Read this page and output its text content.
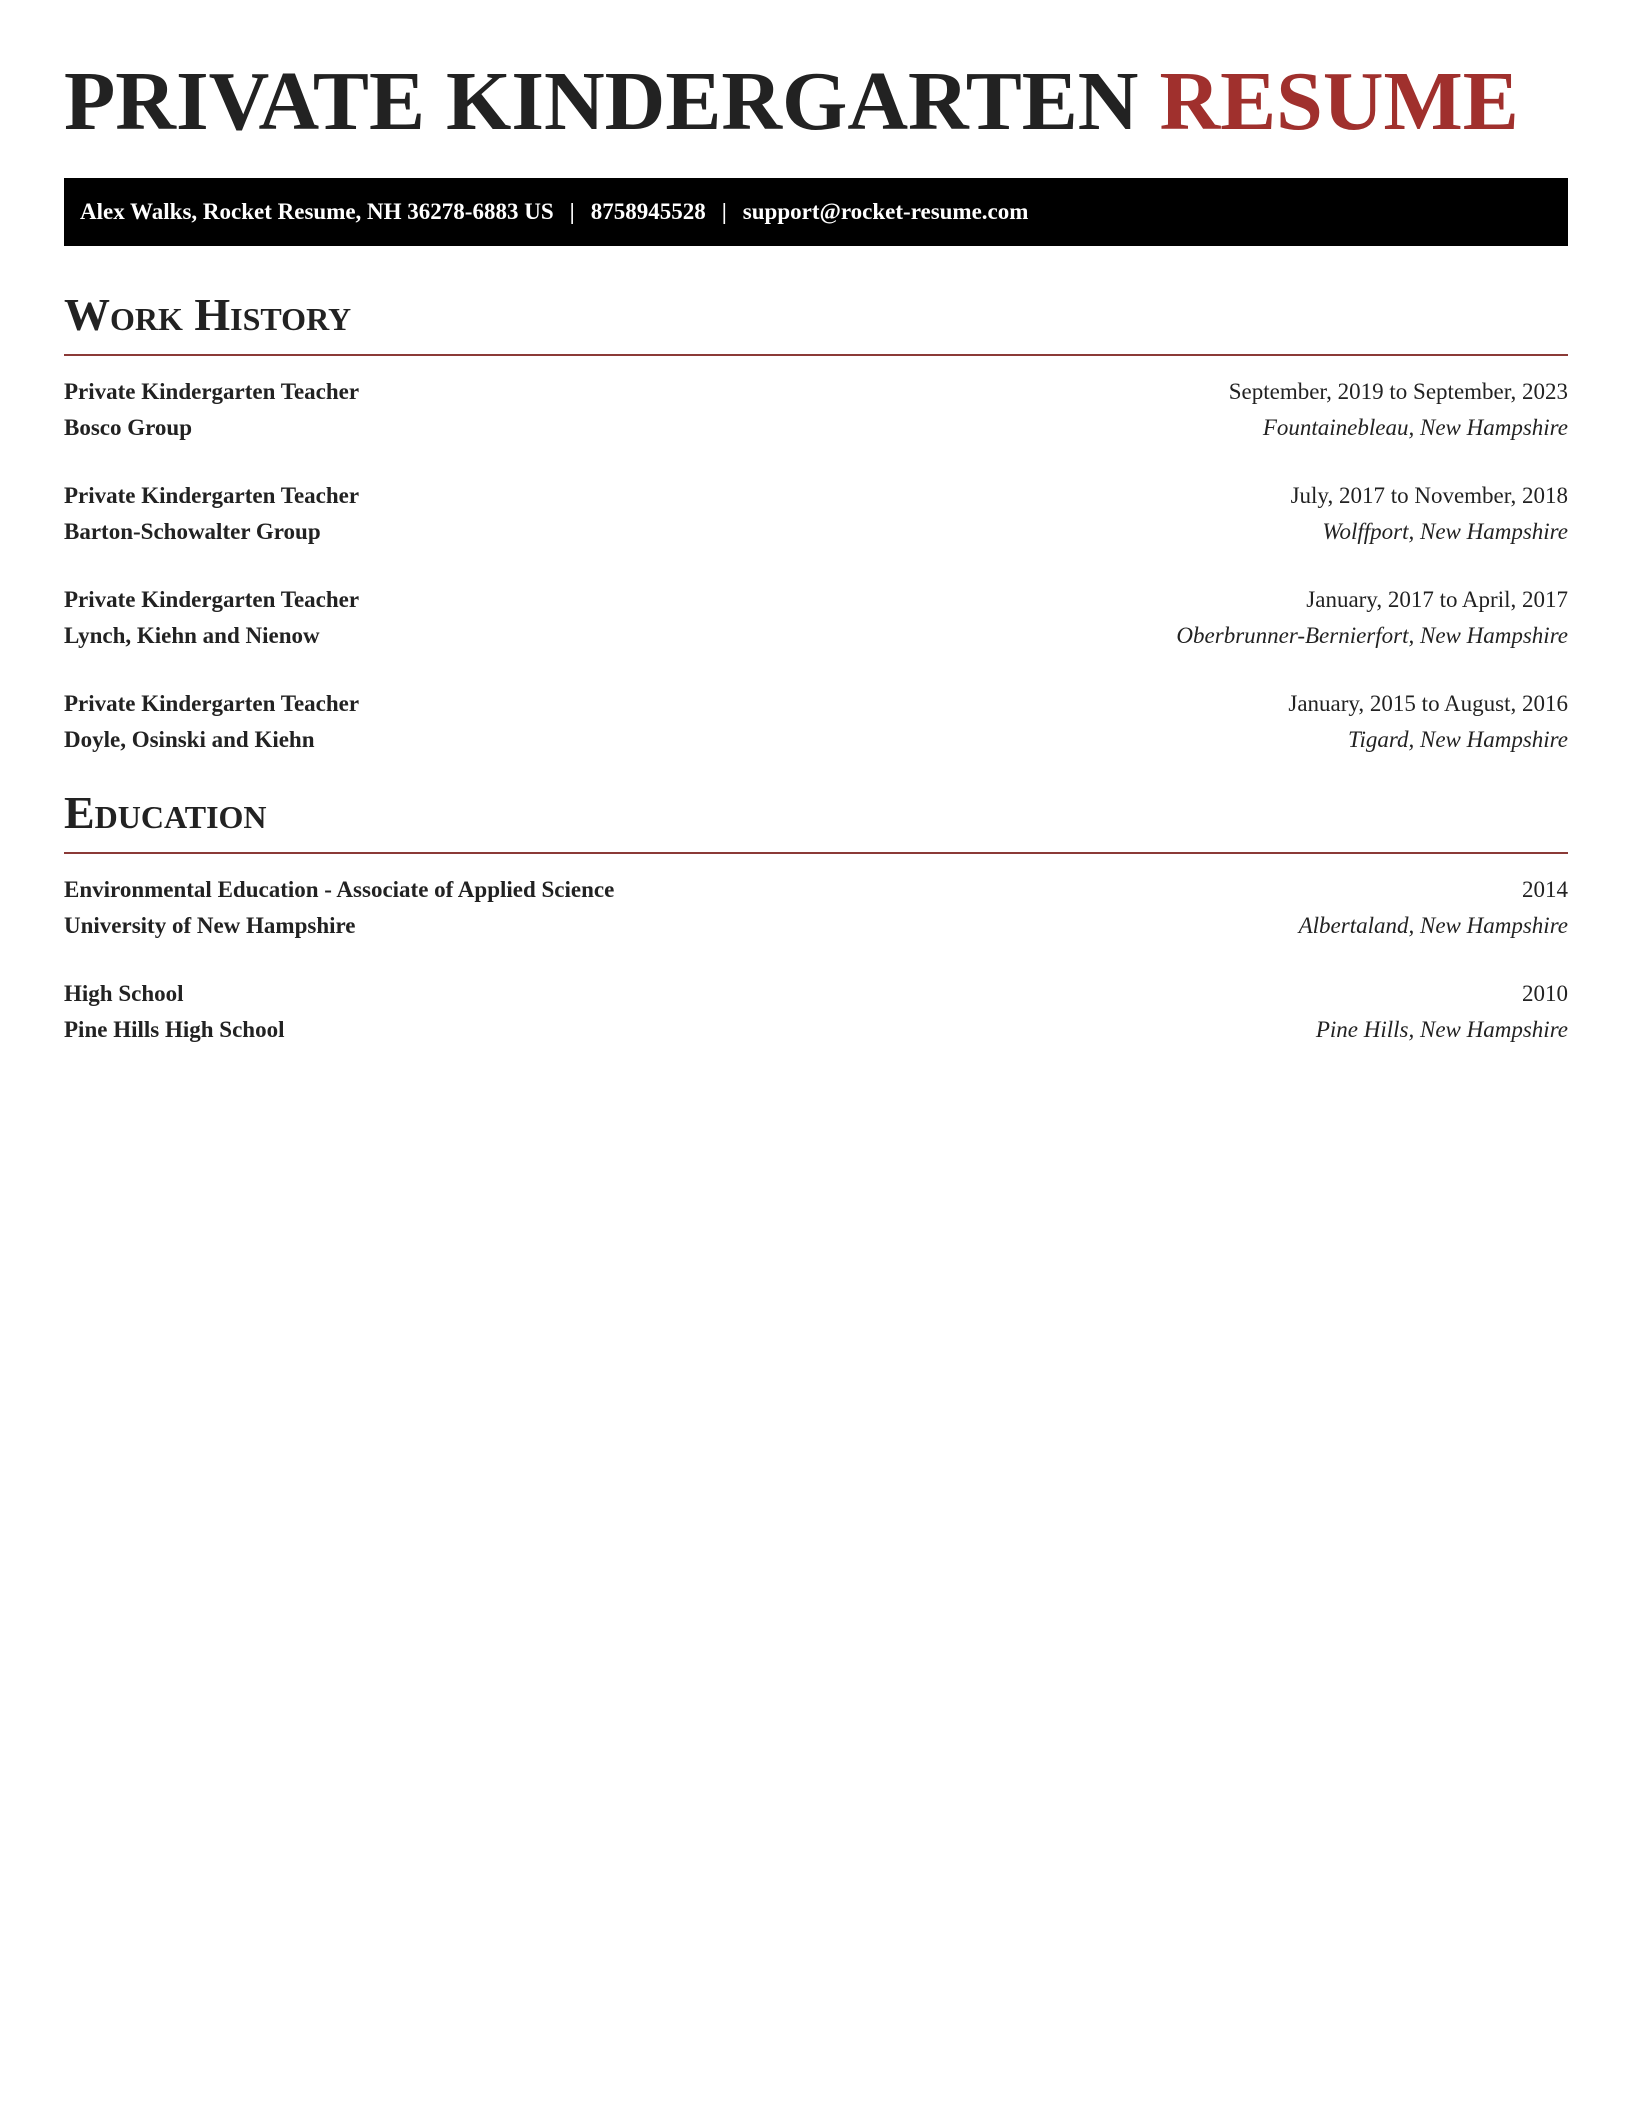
PRIVATE KINDERGARTEN RESUME
Alex Walks, Rocket Resume, NH 36278-6883 US | 8758945528 | support@rocket-resume.com
Work History
Private Kindergarten Teacher	September, 2019 to September, 2023
Bosco Group	Fountainebleau, New Hampshire
Private Kindergarten Teacher	July, 2017 to November, 2018
Barton-Schowalter Group	Wolffport, New Hampshire
Private Kindergarten Teacher	January, 2017 to April, 2017
Lynch, Kiehn and Nienow	Oberbrunner-Bernierfort, New Hampshire
Private Kindergarten Teacher	January, 2015 to August, 2016
Doyle, Osinski and Kiehn	Tigard, New Hampshire
Education
Environmental Education - Associate of Applied Science	2014
University of New Hampshire	Albertaland, New Hampshire
High School	2010
Pine Hills High School	Pine Hills, New Hampshire
